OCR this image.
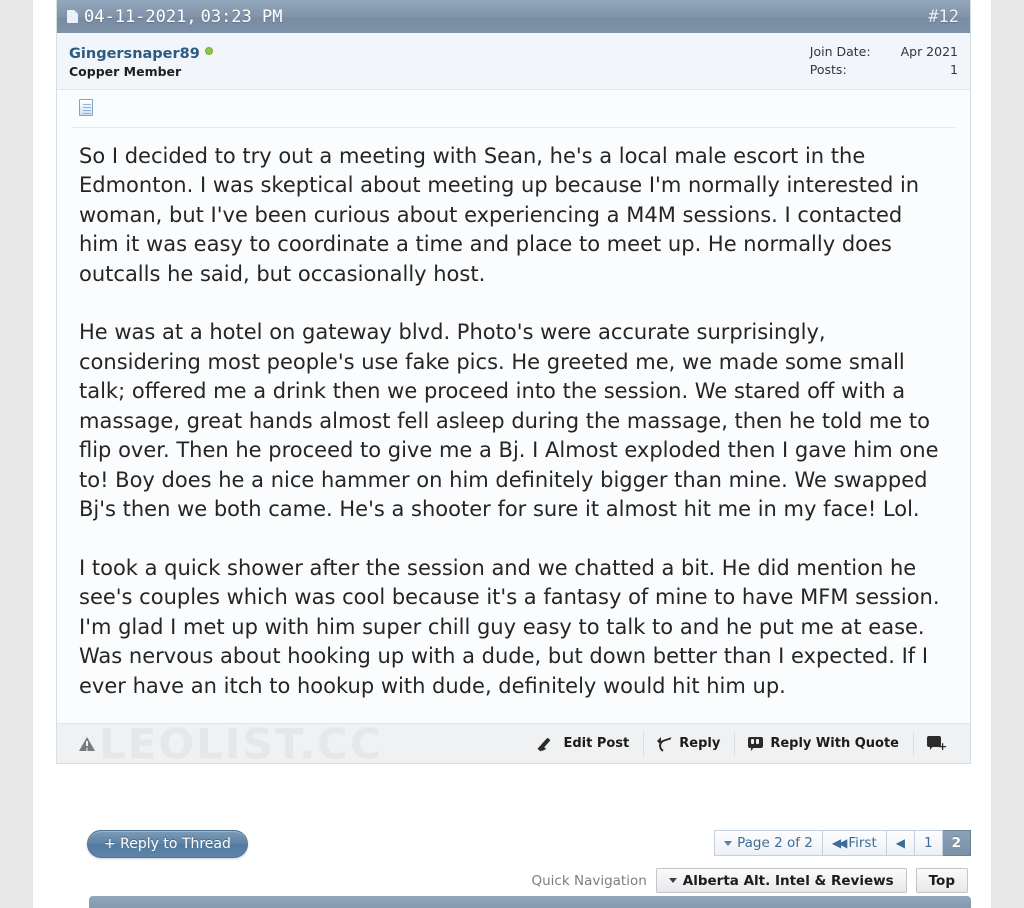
04-11-2021, 03:23 PM	#12
Gingersnaper89
Copper Member
Join Date: Apr 2021
Posts:	1

So I decided to try out a meeting with Sean, he's a local male escort in the Edmonton. I was skeptical about meeting up because I'm normally interested in woman, but I've been curious about experiencing a M4M sessions. I contacted him it was easy to coordinate a time and place to meet up. He normally does outcalls he said, but occasionally host.

He was at a hotel on gateway blvd. Photo's were accurate surprisingly, considering most people's use fake pics. He greeted me, we made some small talk; offered me a drink then we proceed into the session. We stared off with a massage, great hands almost fell asleep during the massage, then he told me to flip over. Then he proceed to give me a Bj. I Almost exploded then I gave him one to! Boy does he a nice hammer on him definitely bigger than mine. We swapped Bj's then we both came. He's a shooter for sure it almost hit me in my face! Lol.

I took a quick shower after the session and we chatted a bit. He did mention he see's couples which was cool because it's a fantasy of mine to have MFM session. I'm glad I met up with him super chill guy easy to talk to and he put me at ease. Was nervous about hooking up with a dude, but down better than I expected. If I ever have an itch to hookup with dude, definitely would hit him up.

LEOLIST.CC	Edit Post	Reply	Reply With Quote	+
+ Reply to Thread	Page 2 of 2 ◀◀ First ◀	1	2
Quick Navigation	Alberta Alt. Intel & Reviews	Top
